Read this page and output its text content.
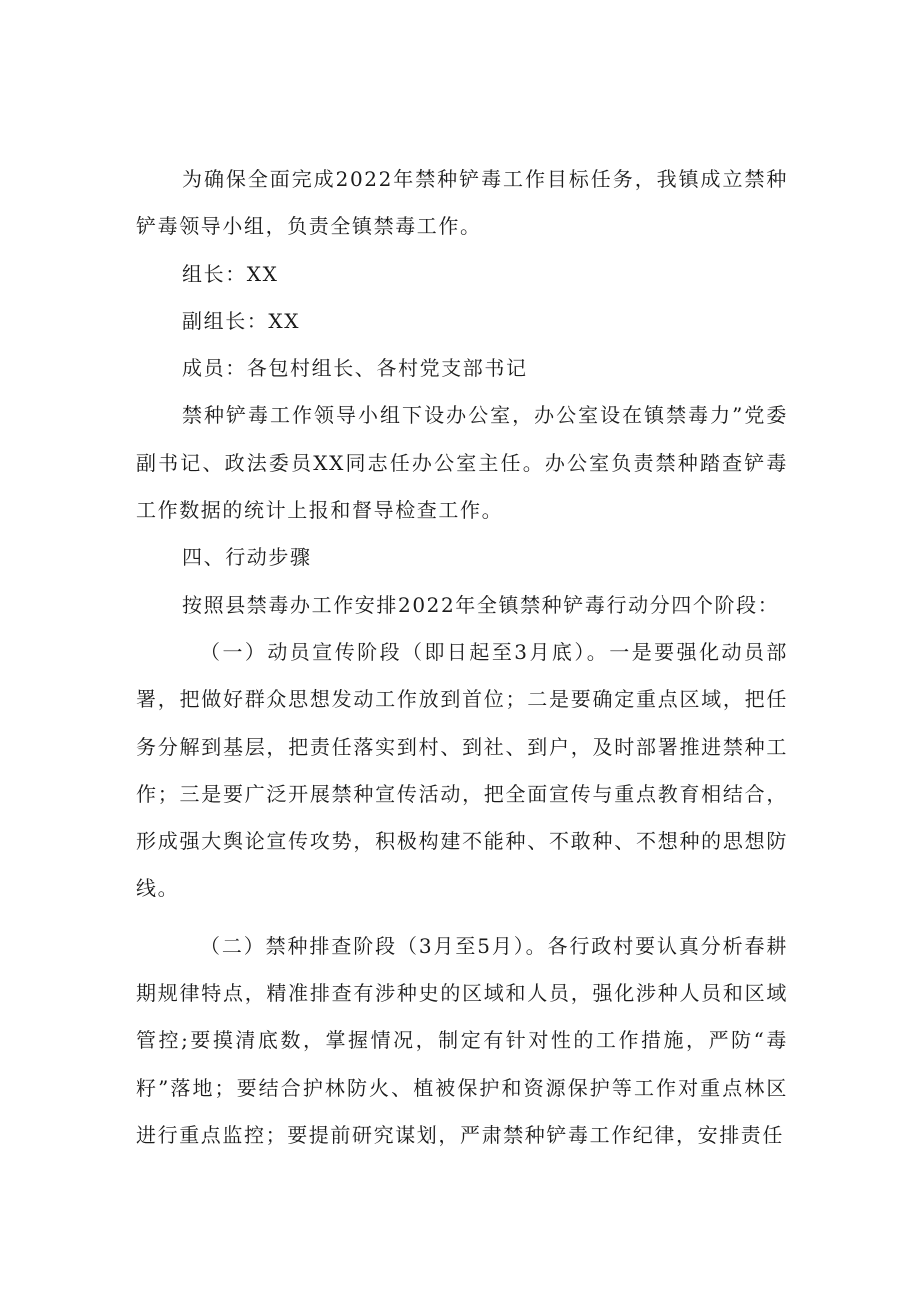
为确保全面完成2022年禁种铲毒工作目标任务，我镇成立禁种铲毒领导小组，负责全镇禁毒工作。

组长：XX

副组长：XX

成员：各包村组长、各村党支部书记

禁种铲毒工作领导小组下设办公室，办公室设在镇禁毒力”党委副书记、政法委员XX同志任办公室主任。办公室负责禁种踏查铲毒工作数据的统计上报和督导检查工作。

四、行动步骤

按照县禁毒办工作安排2022年全镇禁种铲毒行动分四个阶段：

（一）动员宣传阶段（即日起至3月底）。一是要强化动员部署，把做好群众思想发动工作放到首位；二是要确定重点区域，把任务分解到基层，把责任落实到村、到社、到户，及时部署推进禁种工作；三是要广泛开展禁种宣传活动，把全面宣传与重点教育相结合，形成强大舆论宣传攻势，积极构建不能种、不敢种、不想种的思想防线。

（二）禁种排查阶段（3月至5月）。各行政村要认真分析春耕期规律特点，精准排查有涉种史的区域和人员，强化涉种人员和区域管控;要摸清底数，掌握情况，制定有针对性的工作措施，严防“毒籽”落地；要结合护林防火、植被保护和资源保护等工作对重点林区进行重点监控；要提前研究谋划，严肃禁种铲毒工作纪律，安排责任
